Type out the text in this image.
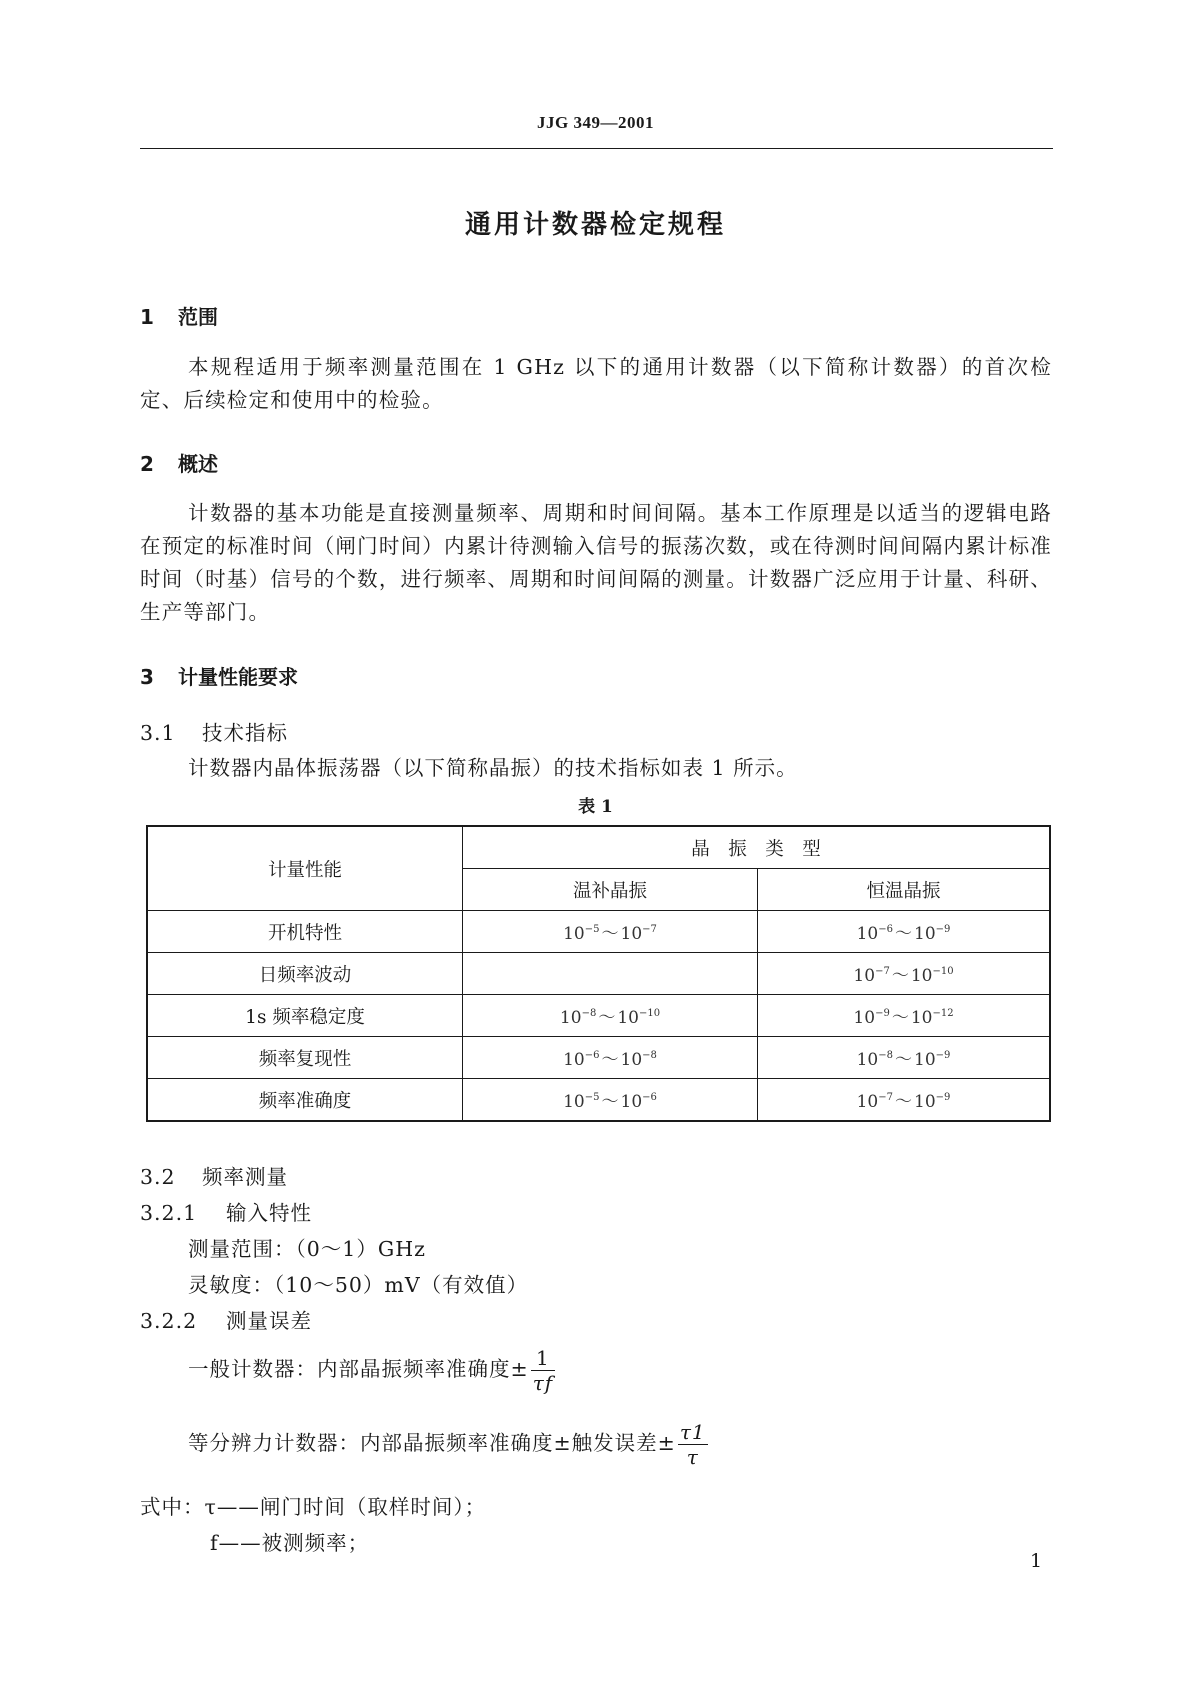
JJG 349—2001
通用计数器检定规程
1 范围
本规程适用于频率测量范围在 1 GHz 以下的通用计数器（以下简称计数器）的首次检定、后续检定和使用中的检验。
2 概述
计数器的基本功能是直接测量频率、周期和时间间隔。基本工作原理是以适当的逻辑电路在预定的标准时间（闸门时间）内累计待测输入信号的振荡次数，或在待测时间间隔内累计标准时间（时基）信号的个数，进行频率、周期和时间间隔的测量。计数器广泛应用于计量、科研、生产等部门。
3 计量性能要求
3.1 技术指标
计数器内晶体振荡器（以下简称晶振）的技术指标如表 1 所示。
表 1
计量性能	晶　振　类　型	
	温补晶振	恒温晶振
开机特性	$10^{-5}$ ～ $10^{-7}$	$10^{-6}$ ～ $10^{-9}$
日频率波动		$10^{-7}$ ～ $10^{-10}$
1s 频率稳定度	$10^{-8}$ ～ $10^{-10}$	$10^{-9}$ ～ $10^{-12}$
频率复现性	$10^{-6}$ ～ $10^{-8}$	$10^{-8}$ ～ $10^{-9}$
频率准确度	$10^{-5}$ ～ $10^{-6}$	$10^{-7}$ ～ $10^{-9}$
3.2 频率测量
3.2.1 输入特性
测量范围：（0～1）GHz
灵敏度：（10～50）mV（有效值）
3.2.2 测量误差
一般计数器：内部晶振频率准确度± $\frac{1}{\tau f}$
等分辨力计数器：内部晶振频率准确度±触发误差± $\frac{\tau 1}{\tau}$
式中：τ——闸门时间（取样时间）；
f——被测频率；
1
